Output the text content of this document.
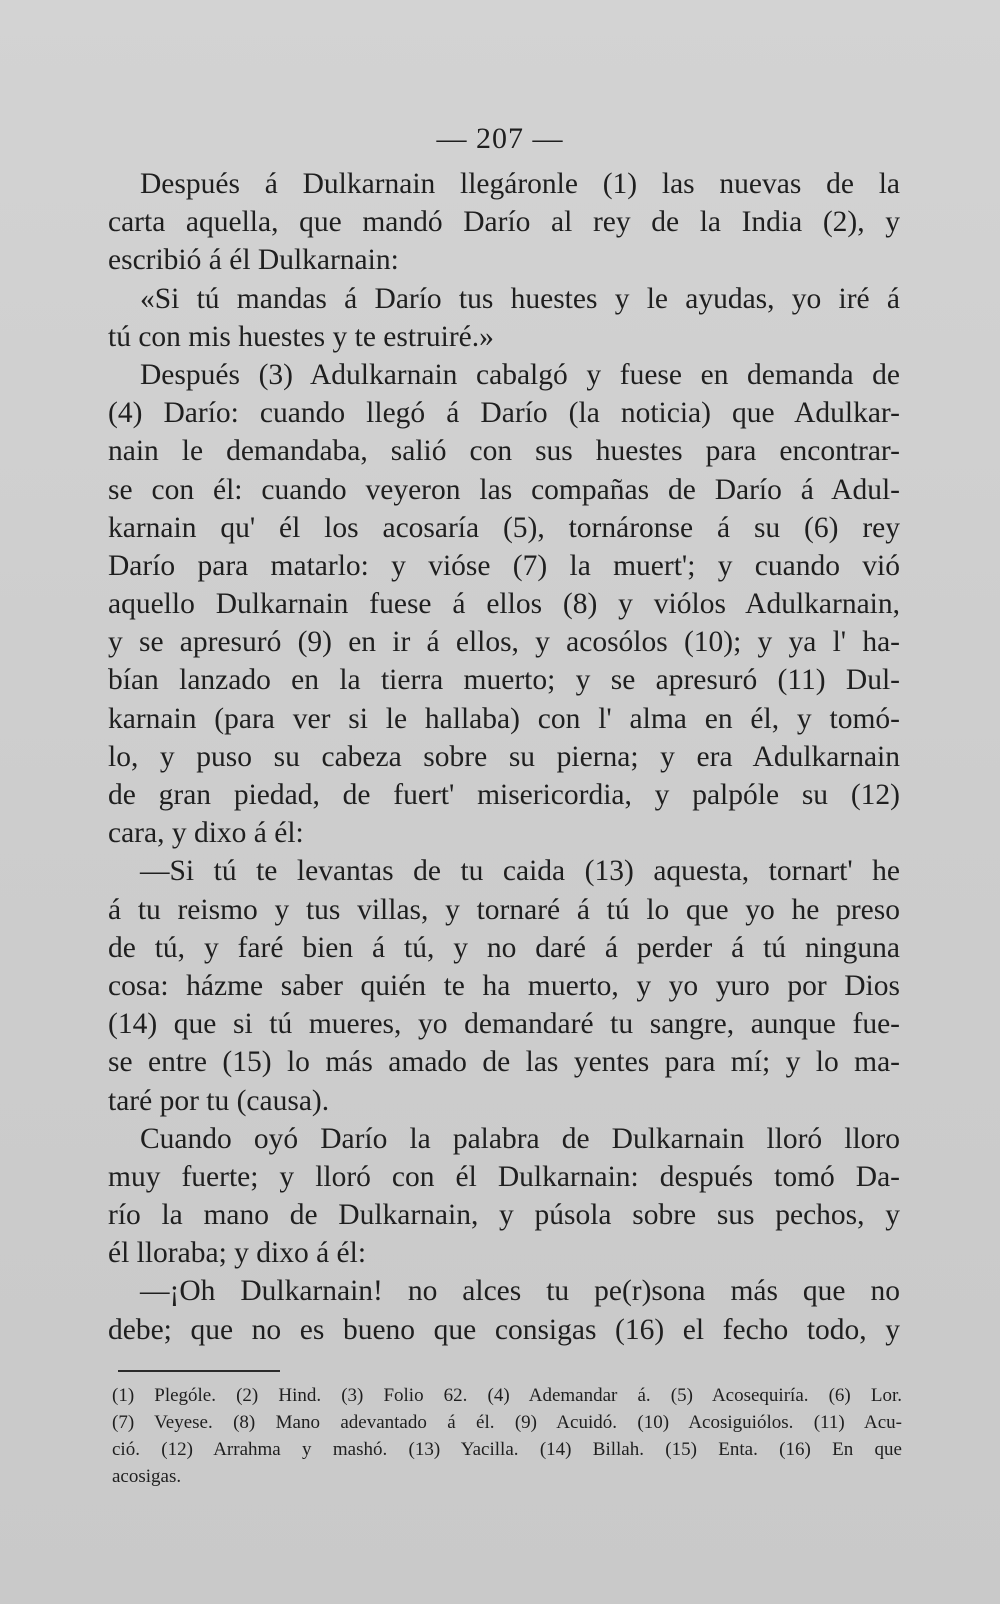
— 207 —
Después á Dulkarnain llegáronle (1) las nuevas de la
carta aquella, que mandó Darío al rey de la India (2), y
escribió á él Dulkarnain:
«Si tú mandas á Darío tus huestes y le ayudas, yo iré á
tú con mis huestes y te estruiré.»
Después (3) Adulkarnain cabalgó y fuese en demanda de
(4) Darío: cuando llegó á Darío (la noticia) que Adulkar-
nain le demandaba, salió con sus huestes para encontrar-
se con él: cuando veyeron las compañas de Darío á Adul-
karnain qu' él los acosaría (5), tornáronse á su (6) rey
Darío para matarlo: y vióse (7) la muert'; y cuando vió
aquello Dulkarnain fuese á ellos (8) y viólos Adulkarnain,
y se apresuró (9) en ir á ellos, y acosólos (10); y ya l' ha-
bían lanzado en la tierra muerto; y se apresuró (11) Dul-
karnain (para ver si le hallaba) con l' alma en él, y tomó-
lo, y puso su cabeza sobre su pierna; y era Adulkarnain
de gran piedad, de fuert' misericordia, y palpóle su (12)
cara, y dixo á él:
—Si tú te levantas de tu caida (13) aquesta, tornart' he
á tu reismo y tus villas, y tornaré á tú lo que yo he preso
de tú, y faré bien á tú, y no daré á perder á tú ninguna
cosa: házme saber quién te ha muerto, y yo yuro por Dios
(14) que si tú mueres, yo demandaré tu sangre, aunque fue-
se entre (15) lo más amado de las yentes para mí; y lo ma-
taré por tu (causa).
Cuando oyó Darío la palabra de Dulkarnain lloró lloro
muy fuerte; y lloró con él Dulkarnain: después tomó Da-
río la mano de Dulkarnain, y púsola sobre sus pechos, y
él lloraba; y dixo á él:
—¡Oh Dulkarnain! no alces tu pe(r)sona más que no
debe; que no es bueno que consigas (16) el fecho todo, y
(1) Plególe. (2) Hind. (3) Folio 62. (4) Ademandar á. (5) Acosequiría. (6) Lor.
(7) Veyese. (8) Mano adevantado á él. (9) Acuidó. (10) Acosiguiólos. (11) Acu-
ció. (12) Arrahma y mashó. (13) Yacilla. (14) Billah. (15) Enta. (16) En que
acosigas.
